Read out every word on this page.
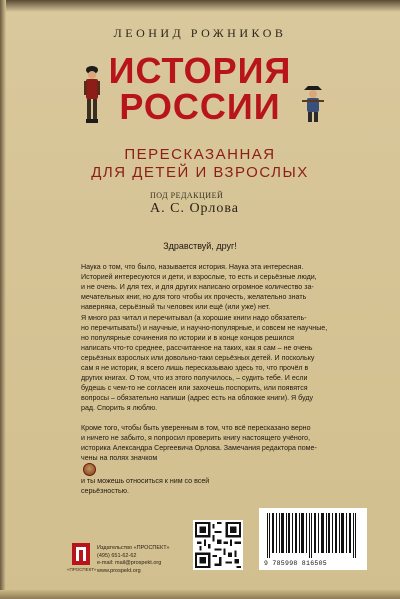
ЛЕОНИД РОЖНИКОВ
ИСТОРИЯ
РОССИИ
ПЕРЕСКАЗАННАЯ
ДЛЯ ДЕТЕЙ И ВЗРОСЛЫХ
ПОД РЕДАКЦИЕЙ
А. С. Орлова
Здравствуй, друг!

Наука о том, что было, называется история. Наука эта интересная.
Историей интересуются и дети, и взрослые, то есть и серьёзные люди,
и не очень. И для тех, и для других написано огромное количество за-
мечательных книг, но для того чтобы их прочесть, желательно знать
наверняка, серьёзный ты человек или ещё (или уже) нет.

Я много раз читал и перечитывал (а хорошие книги надо обязатель-
но перечитывать!) и научные, и научно-популярные, и совсем не научные,
но популярные сочинения по истории и в конце концов решился
написать что-то среднее, рассчитанное на таких, как я сам – не очень
серьёзных взрослых или довольно-таки серьёзных детей. И поскольку
сам я не историк, я всего лишь пересказываю здесь то, что прочёл в
других книгах. О том, что из этого получилось, – судить тебе. И если
будешь с чем-то не согласен или захочешь поспорить, или появятся
вопросы – обязательно напиши (адрес есть на обложке книги). Я буду
рад. Спорить я люблю.

Кроме того, чтобы быть уверенным в том, что всё пересказано верно
и ничего не забыто, я попросил проверить книгу настоящего учёного,
историка Александра Сергеевича Орлова. Замечания редактора поме-
чены на полях значком
и ты можешь относиться к ним со всей
серьёзностью.

«ПРОСПЕКТ»
Издательство «ПРОСПЕКТ»
(495) 651-62-62
e-mail: mail@prospekt.org
www.prospekt.org
9 785998 816505
